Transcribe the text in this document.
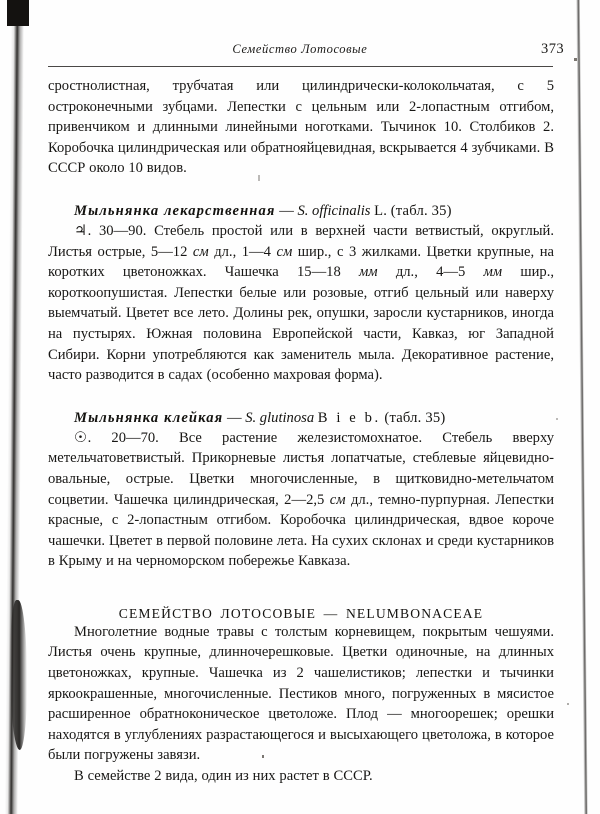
Семейство Лотосовые	373

сростнолистная, трубчатая или цилиндрически-колокольчатая, с 5 остроконечными зубцами. Лепестки с цельным или 2-лопастным отгибом, привенчиком и длинными линейными ноготками. Тычинок 10. Столбиков 2. Коробочка цилиндрическая или обратнояйцевидная, вскрывается 4 зубчиками. В СССР около 10 видов.

Мыльнянка лекарственная — S. officinalis L. (табл. 35)

♃. 30—90. Стебель простой или в верхней части ветвистый, округлый. Листья острые, 5—12 см дл., 1—4 см шир., с 3 жилками. Цветки крупные, на коротких цветоножках. Чашечка 15—18 мм дл., 4—5 мм шир., короткоопушистая. Лепестки белые или розовые, отгиб цельный или наверху выемчатый. Цветет все лето. Долины рек, опушки, заросли кустарников, иногда на пустырях. Южная половина Европейской части, Кавказ, юг Западной Сибири. Корни употребляются как заменитель мыла. Декоративное растение, часто разводится в садах (особенно махровая форма).

Мыльнянка клейкая — S. glutinosa B i e b. (табл. 35)

☉. 20—70. Все растение железистомохнатое. Стебель вверху метельчатоветвистый. Прикорневые листья лопатчатые, стеблевые яйцевидно-овальные, острые. Цветки многочисленные, в щитковидно-метельчатом соцветии. Чашечка цилиндрическая, 2—2,5 см дл., темно-пурпурная. Лепестки красные, с 2-лопастным отгибом. Коробочка цилиндрическая, вдвое короче чашечки. Цветет в первой половине лета. На сухих склонах и среди кустарников в Крыму и на черноморском побережье Кавказа.

СЕМЕЙСТВО ЛОТОСОВЫЕ — NELUMBONACEAE

Многолетние водные травы с толстым корневищем, покрытым чешуями. Листья очень крупные, длинночерешковые. Цветки одиночные, на длинных цветоножках, крупные. Чашечка из 2 чашелистиков; лепестки и тычинки яркоокрашенные, многочисленные. Пестиков много, погруженных в мясистое расширенное обратноконическое цветоложе. Плод — многоорешек; орешки находятся в углублениях разрастающегося и высыхающего цветоложа, в которое были погружены завязи.

В семействе 2 вида, один из них растет в СССР.
